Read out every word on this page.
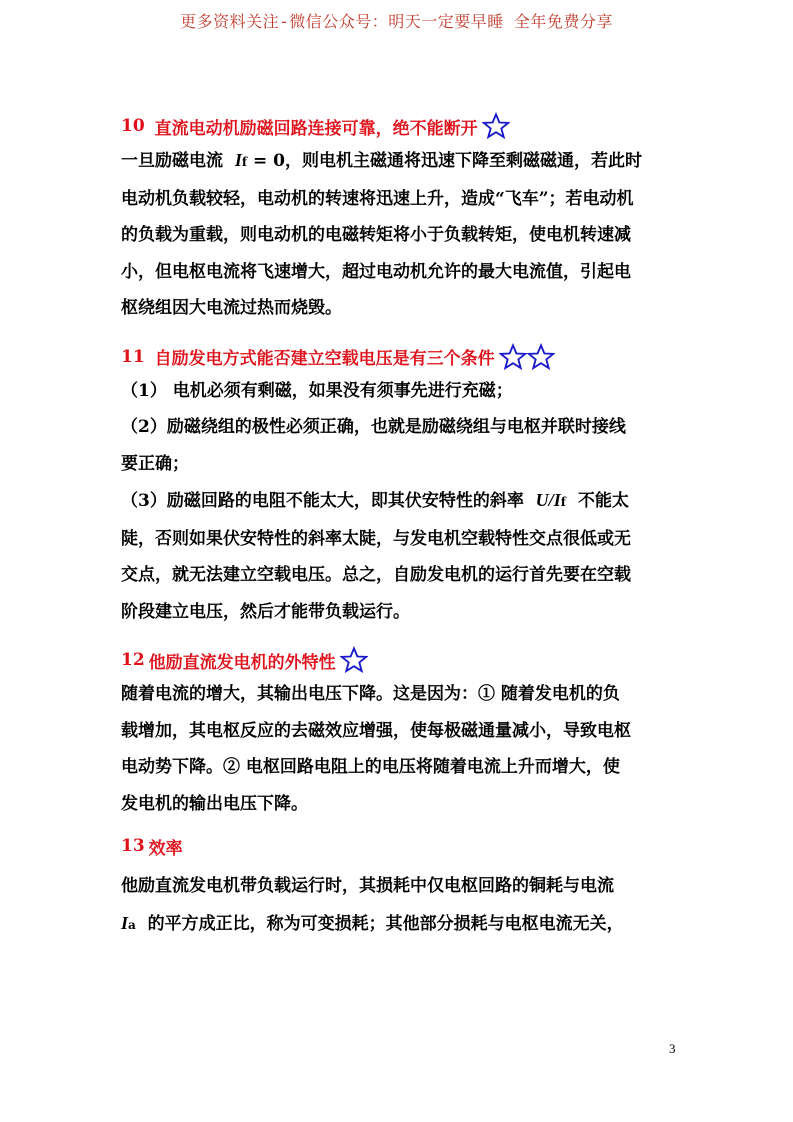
更多资料关注-微信公众号：明天一定要早睡 全年免费分享
10 直流电动机励磁回路连接可靠，绝不能断开

一旦励磁电流 If = 0，则电机主磁通将迅速下降至剩磁磁通，若此时
电动机负载较轻，电动机的转速将迅速上升，造成“飞车”；若电动机
的负载为重载，则电动机的电磁转矩将小于负载转矩，使电机转速减
小，但电枢电流将飞速增大，超过电动机允许的最大电流值，引起电
枢绕组因大电流过热而烧毁。

11 自励发电方式能否建立空载电压是有三个条件

（1） 电机必须有剩磁，如果没有须事先进行充磁；
（2）励磁绕组的极性必须正确，也就是励磁绕组与电枢并联时接线
要正确；
（3）励磁回路的电阻不能太大，即其伏安特性的斜率 U/If 不能太
陡，否则如果伏安特性的斜率太陡，与发电机空载特性交点很低或无
交点，就无法建立空载电压。总之，自励发电机的运行首先要在空载
阶段建立电压，然后才能带负载运行。

12 他励直流发电机的外特性

随着电流的增大，其输出电压下降。这是因为：① 随着发电机的负
载增加，其电枢反应的去磁效应增强，使每极磁通量减小，导致电枢
电动势下降。② 电枢回路电阻上的电压将随着电流上升而增大，使
发电机的输出电压下降。

13 效率

他励直流发电机带负载运行时，其损耗中仅电枢回路的铜耗与电流
Ia 的平方成正比，称为可变损耗；其他部分损耗与电枢电流无关，

3
